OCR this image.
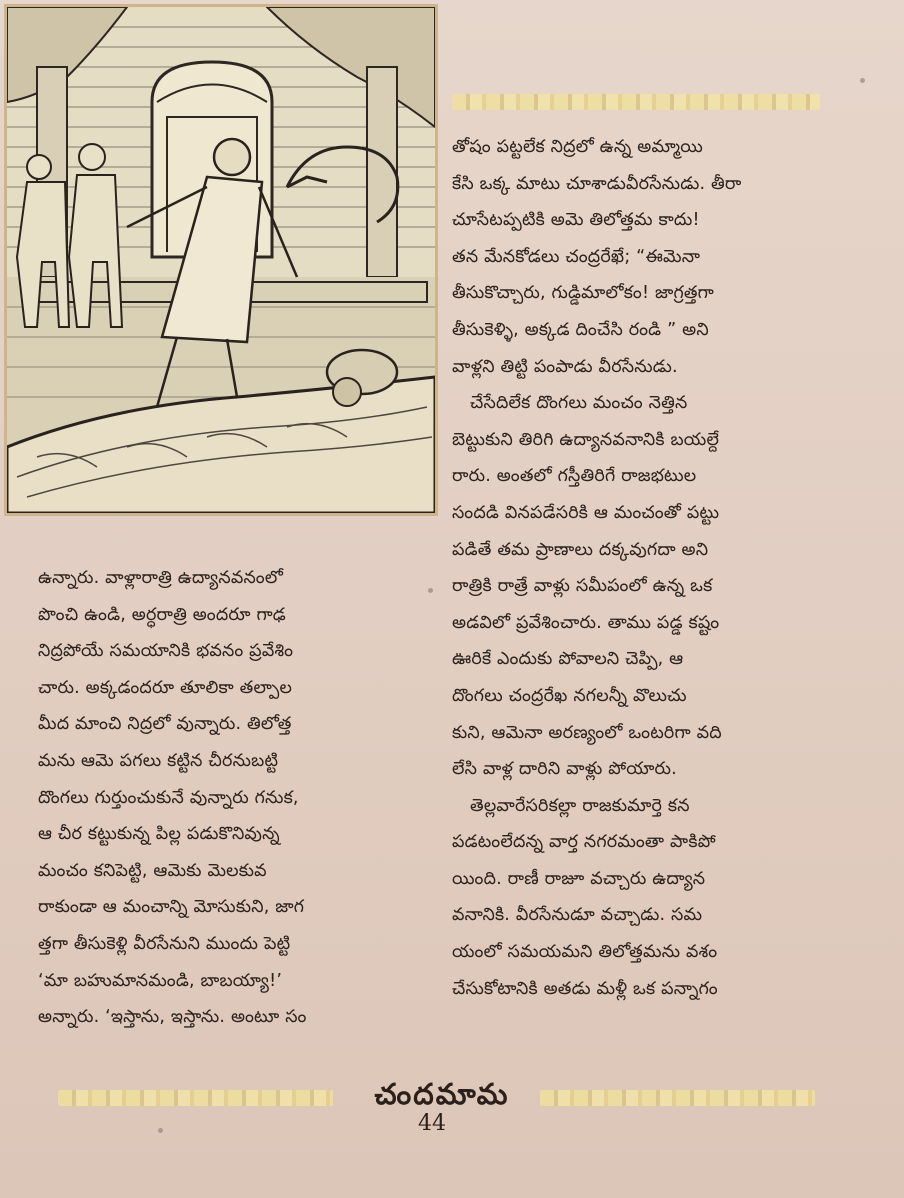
తోషం పట్టలేక నిద్రలో ఉన్న అమ్మాయి

కేసి ఒక్క మాటు చూశాడువీరసేనుడు. తీరా

చూసేటప్పటికి అమె తిలోత్తమ కాదు!

తన మేనకోడలు చంద్రరేఖే; “ఈమెనా

తీసుకొచ్చారు, గుడ్డిమాలోకం! జాగ్రత్తగా

తీసుకెళ్ళి, అక్కడ దించేసి రండి ” అని

వాళ్లని తిట్టి పంపాడు వీరసేనుడు.

చేసేదిలేక దొంగలు మంచం నెత్తిన

బెట్టుకుని తిరిగి ఉద్యానవనానికి బయల్దే

రారు. అంతలో గస్తీతిరిగే రాజభటుల

సందడి వినపడేసరికి ఆ మంచంతో పట్టు

పడితే తమ ప్రాణాలు దక్కవుగదా అని

రాత్రికి రాత్రే వాళ్లు సమీపంలో ఉన్న ఒక

అడవిలో ప్రవేశించారు. తాము పడ్డ కష్టం

ఊరికే ఎందుకు పోవాలని చెప్పి, ఆ

దొంగలు చంద్రరేఖ నగలన్నీ వొలుచు

కుని, ఆమెనా అరణ్యంలో ఒంటరిగా వది

లేసి వాళ్ల దారిని వాళ్లు పోయారు.

తెల్లవారేసరికల్లా రాజకుమార్తె కన

పడటంలేదన్న వార్త నగరమంతా పాకిపో

యింది. రాణీ రాజూ వచ్చారు ఉద్యాన

వనానికి. వీరసేనుడూ వచ్చాడు. సమ

యంలో సమయమని తిలోత్తమను వశం

చేసుకోటానికి అతడు మళ్లీ ఒక పన్నాగం

ఉన్నారు. వాళ్లారాత్రి ఉద్యానవనంలో

పొంచి ఉండి, అర్ధరాత్రి అందరూ గాఢ

నిద్రపోయే సమయానికి భవనం ప్రవేశిం

చారు. అక్కడందరూ తూలికా తల్పాల

మీద మాంచి నిద్రలో వున్నారు. తిలోత్త

మను ఆమె పగలు కట్టిన చీరనుబట్టి

దొంగలు గుర్తుంచుకునే వున్నారు గనుక,

ఆ చీర కట్టుకున్న పిల్ల పడుకొనివున్న

మంచం కనిపెట్టి, ఆమెకు మెలకువ

రాకుండా ఆ మంచాన్ని మోసుకుని, జాగ

త్తగా తీసుకెళ్లి వీరసేనుని ముందు పెట్టి

‘మా బహుమానమండి, బాబయ్యా!’

అన్నారు. ‘ఇస్తాను, ఇస్తాను. అంటూ సం

చందమామ
44
